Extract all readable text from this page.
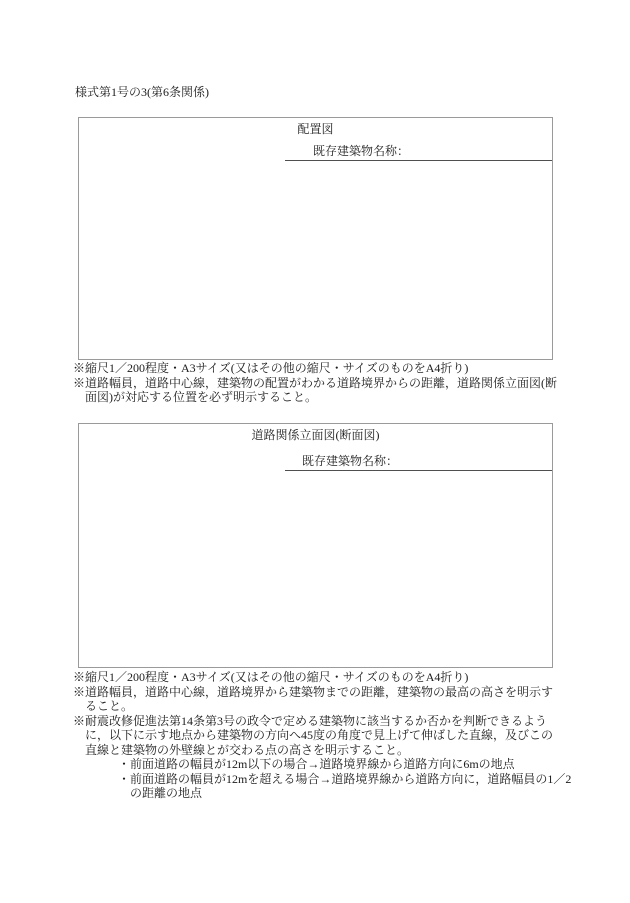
様式第1号の3(第6条関係)
配置図
既存建築物名称：
※縮尺1／200程度・A3サイズ(又はその他の縮尺・サイズのものをA4折り)
※道路幅員，道路中心線，建築物の配置がわかる道路境界からの距離，道路関係立面図(断
面図)が対応する位置を必ず明示すること。
道路関係立面図(断面図)
既存建築物名称：
※縮尺1／200程度・A3サイズ(又はその他の縮尺・サイズのものをA4折り)
※道路幅員，道路中心線，道路境界から建築物までの距離，建築物の最高の高さを明示す
ること。
※耐震改修促進法第14条第3号の政令で定める建築物に該当するか否かを判断できるよう
に，以下に示す地点から建築物の方向へ45度の角度で見上げて伸ばした直線，及びこの
直線と建築物の外壁線とが交わる点の高さを明示すること。
・前面道路の幅員が12m以下の場合→道路境界線から道路方向に6mの地点
・前面道路の幅員が12mを超える場合→道路境界線から道路方向に，道路幅員の1／2
の距離の地点
